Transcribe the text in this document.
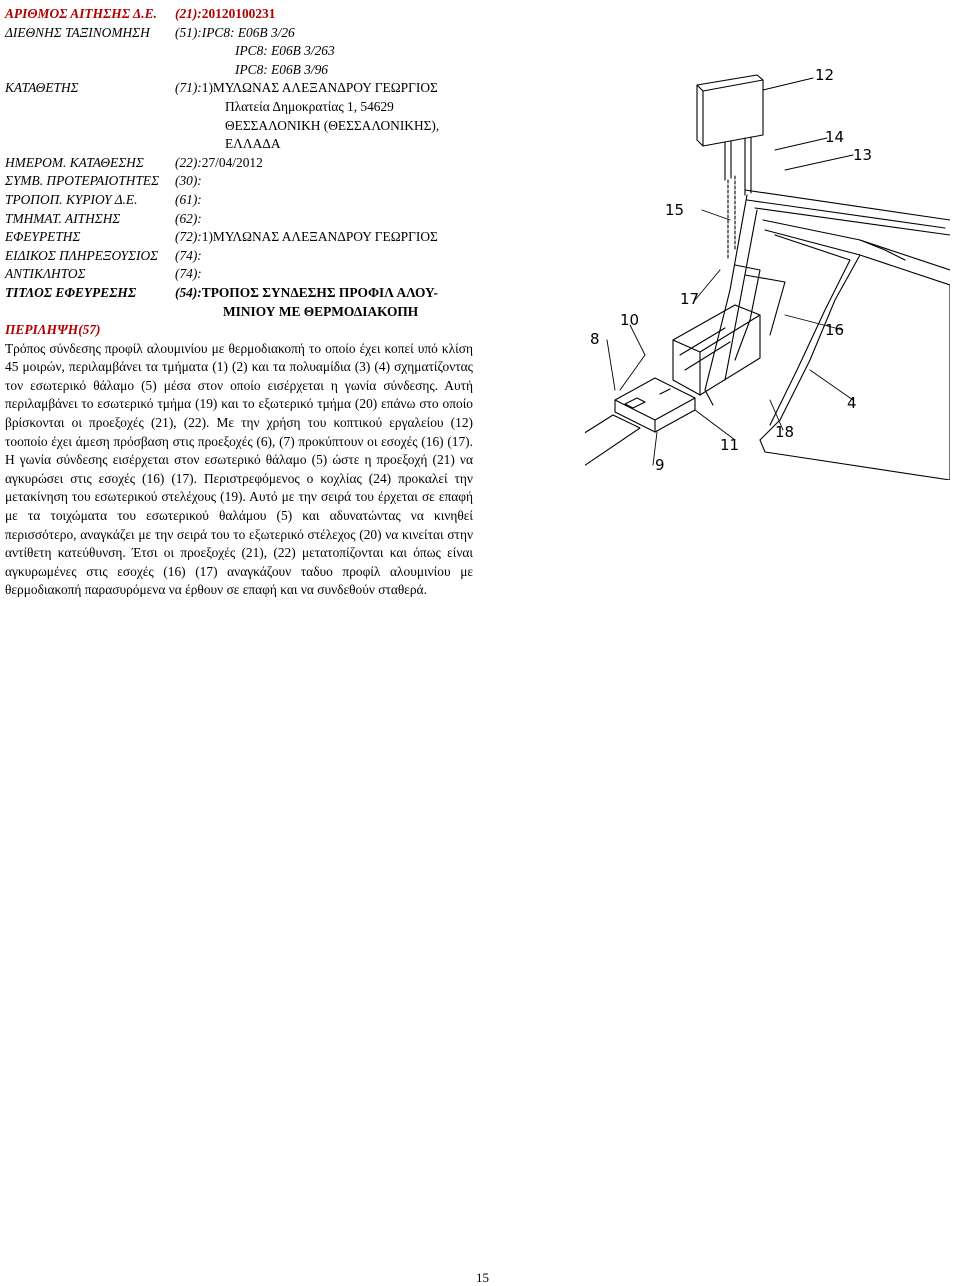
ΑΡΙΘΜΟΣ ΑΙΤΗΣΗΣ Δ.Ε.	(21): 20120100231
ΔΙΕΘΝΗΣ ΤΑΞΙΝΟΜΗΣΗ	(51): IPC8: E06B 3/26
IPC8: E06B 3/263
IPC8: E06B 3/96
ΚΑΤΑΘΕΤΗΣ	(71): 1)ΜΥΛΩΝΑΣ ΑΛΕΞΑΝΔΡΟΥ ΓΕΩΡΓΙΟΣ
Πλατεία Δημοκρατίας 1, 54629
ΘΕΣΣΑΛΟΝΙΚΗ (ΘΕΣΣΑΛΟΝΙΚΗΣ),
ΕΛΛΑΔΑ
ΗΜΕΡΟΜ. ΚΑΤΑΘΕΣΗΣ	(22): 27/04/2012
ΣΥΜΒ. ΠΡΟΤΕΡΑΙΟΤΗΤΕΣ	(30):
ΤΡΟΠΟΠ. ΚΥΡΙΟΥ Δ.Ε.	(61):
ΤΜΗΜΑΤ. ΑΙΤΗΣΗΣ	(62):
ΕΦΕΥΡΕΤΗΣ	(72): 1)ΜΥΛΩΝΑΣ ΑΛΕΞΑΝΔΡΟΥ ΓΕΩΡΓΙΟΣ
ΕΙΔΙΚΟΣ ΠΛΗΡΕΞΟΥΣΙΟΣ	(74):
ΑΝΤΙΚΛΗΤΟΣ	(74):
ΤΙΤΛΟΣ ΕΦΕΥΡΕΣΗΣ	(54): ΤΡΟΠΟΣ ΣΥΝΔΕΣΗΣ ΠΡΟΦΙΛ ΑΛΟΥ-
ΜΙΝΙΟΥ ΜΕ ΘΕΡΜΟΔΙΑΚΟΠΗ
ΠΕΡΙΛΗΨΗ(57)
Τρόπος σύνδεσης προφίλ αλουμινίου με θερμοδιακοπή το οποίο έχει κοπεί υπό κλίση 45 μοιρών, περιλαμβάνει τα τμήματα (1) (2) και τα πολυαμίδια (3) (4) σχηματίζοντας τον εσωτερικό θάλαμο (5) μέσα στον οποίο εισέρχεται η γωνία σύνδεσης. Αυτή περιλαμβάνει το εσωτερικό τμήμα (19) και το εξωτερικό τμήμα (20) επάνω στο οποίο βρίσκονται οι προεξοχές (21), (22). Με την χρήση του κοπτικού εργαλείου (12) τοοποίο έχει άμεση πρόσβαση στις προεξοχές (6), (7) προκύπτουν οι εσοχές (16) (17). Η γωνία σύνδεσης εισέρχεται στον εσωτερικό θάλαμο (5) ώστε η προεξοχή (21) να αγκυρώσει στις εσοχές (16) (17). Περιστρεφόμενος ο κοχλίας (24) προκαλεί την μετακίνηση του εσωτερικού στελέχους (19). Αυτό με την σειρά του έρχεται σε επαφή με τα τοιχώματα του εσωτερικού θαλάμου (5) και αδυνατώντας να κινηθεί περισσότερο, αναγκάζει με την σειρά του το εξωτερικό στέλεχος (20) να κινείται στην αντίθετη κατεύθυνση. Έτσι οι προεξοχές (21), (22) μετατοπίζονται και όπως είναι αγκυρωμένες στις εσοχές (16) (17) αναγκάζουν ταδυο προφίλ αλουμινίου με θερμοδιακοπή παρασυρόμενα να έρθουν σε επαφή και να συνδεθούν σταθερά.
12
14
13
15
17
10
8	16
4
18
11
9
15
